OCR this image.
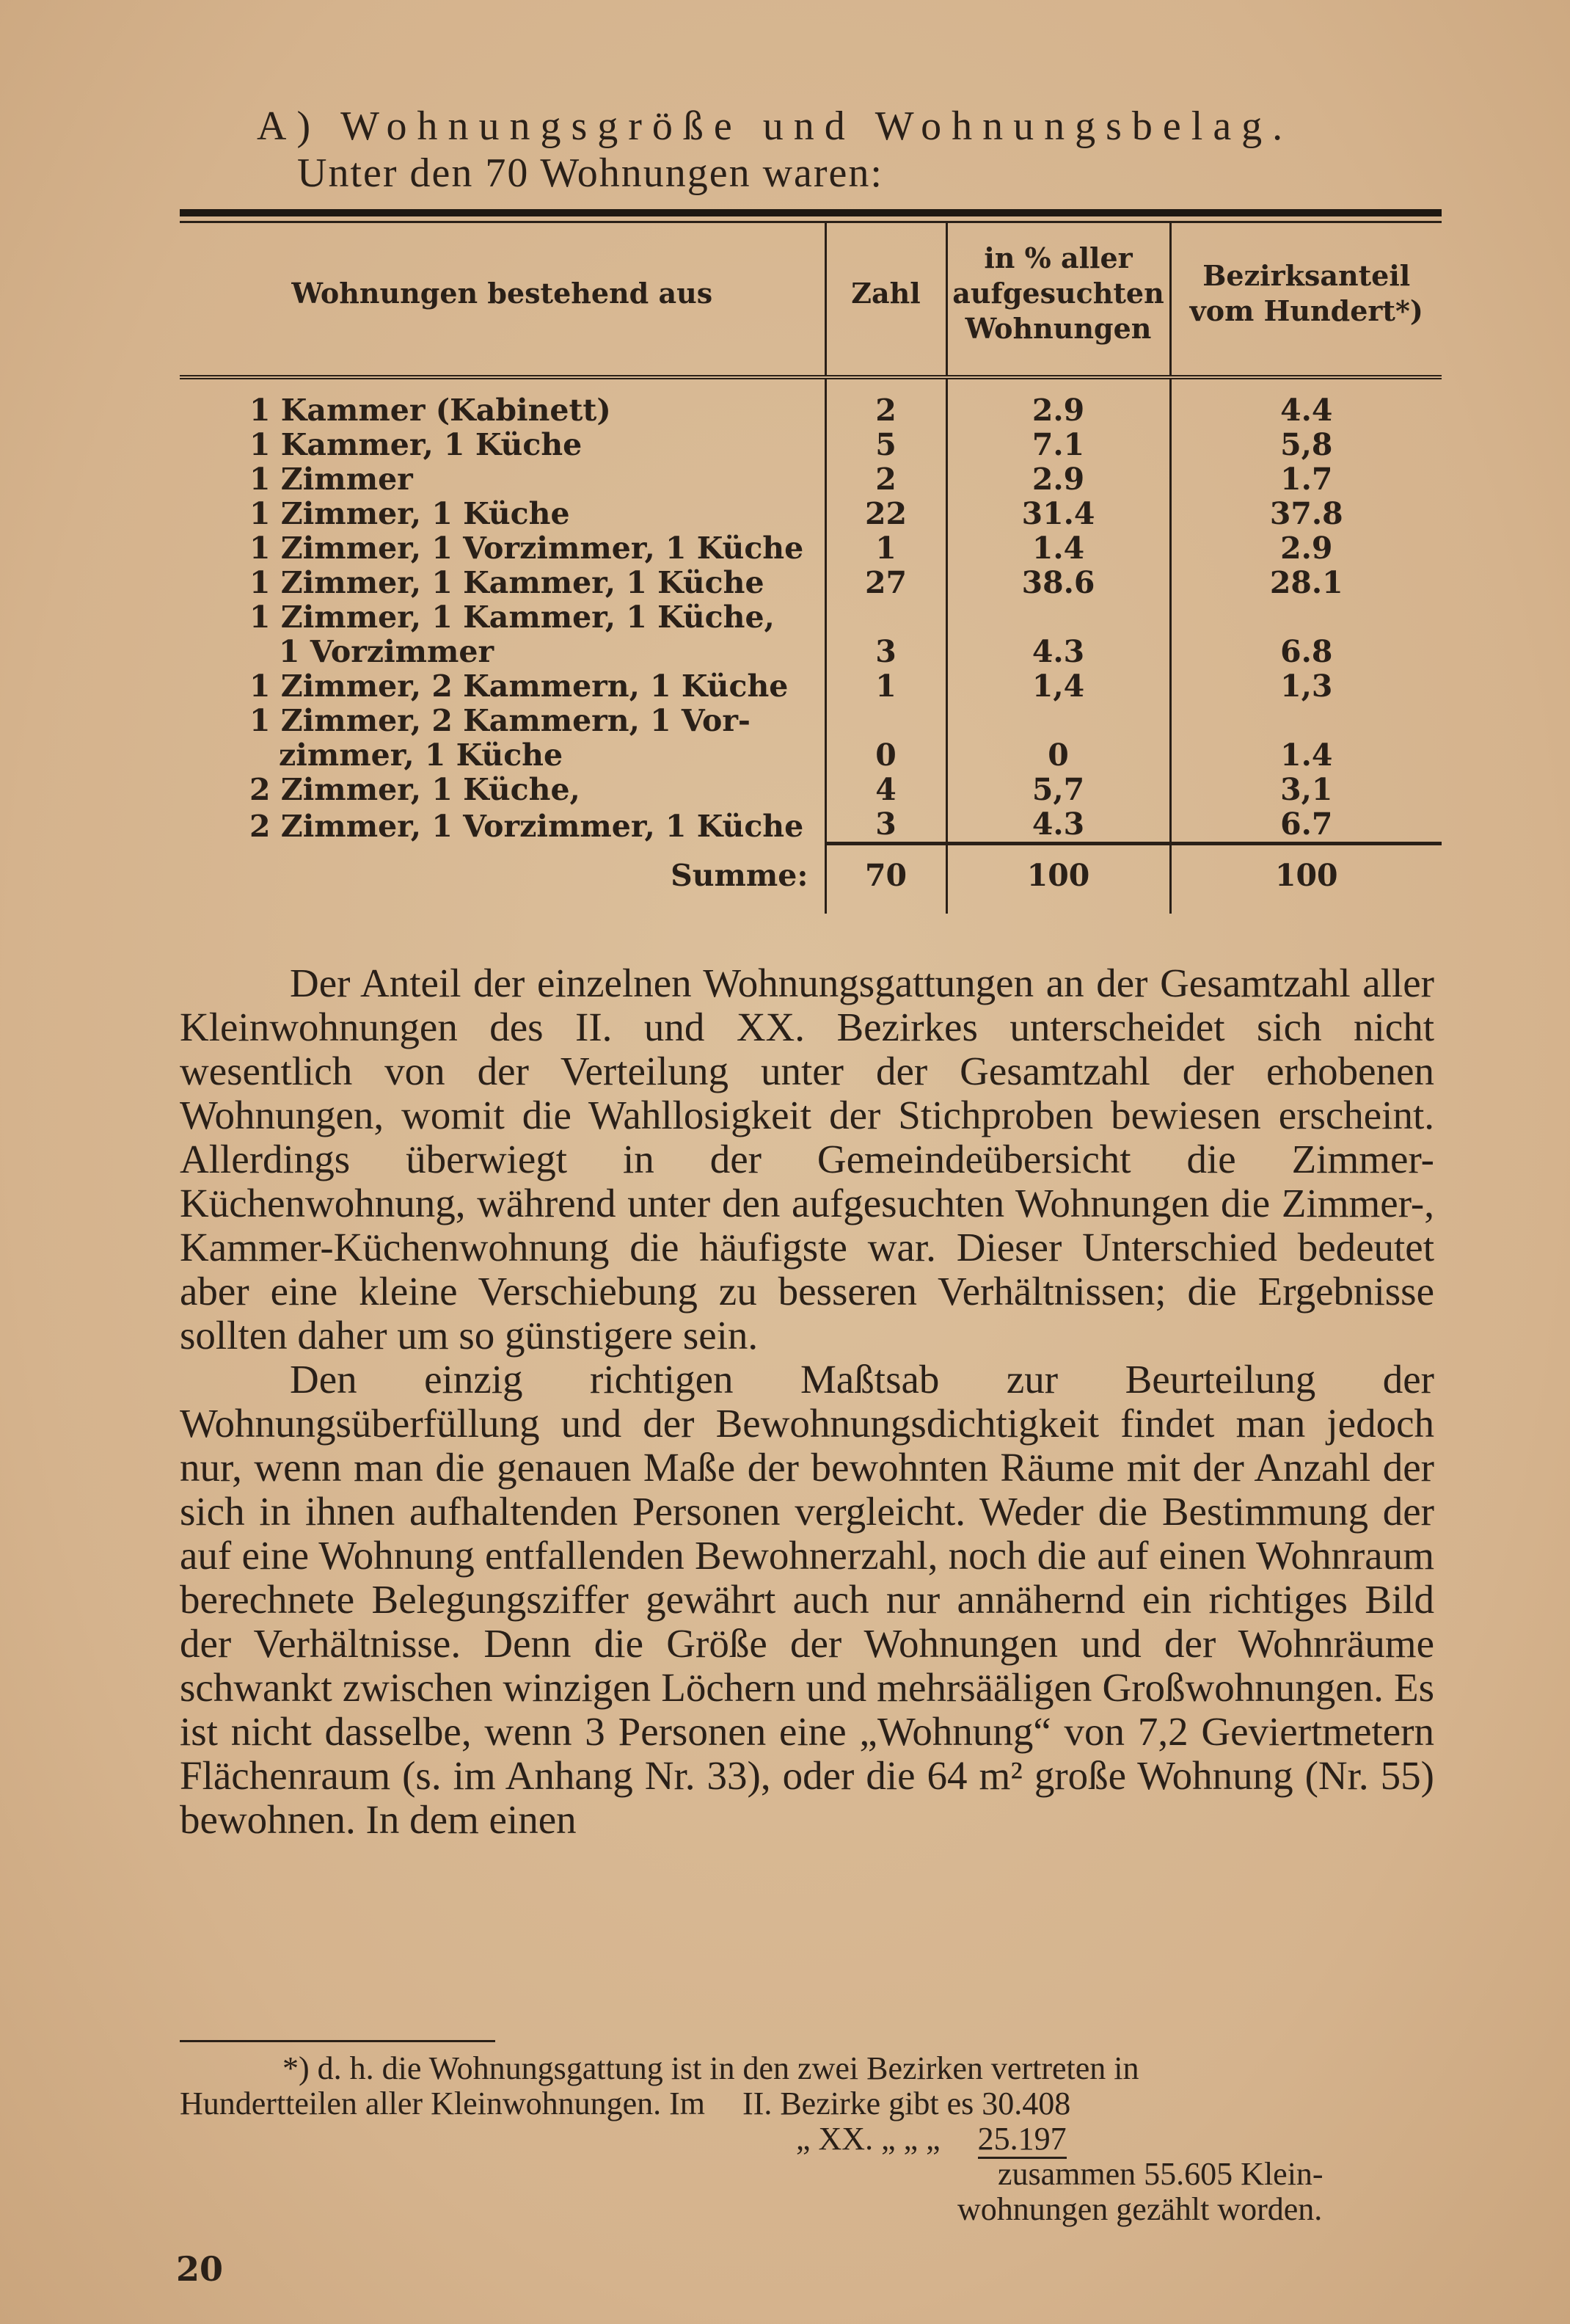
A) Wohnungsgröße und Wohnungsbelag.
Unter den 70 Wohnungen waren:
Wohnungen bestehend aus	Zahl	in % aller aufgesuchten Wohnungen	Bezirksanteil vom Hundert*)

1 Kammer (Kabinett)	2	2.9	4.4
1 Kammer, 1 Küche	5	7.1	5,8
1 Zimmer	2	2.9	1.7
1 Zimmer, 1 Küche	22	31.4	37.8
1 Zimmer, 1 Vorzimmer, 1 Küche	1	1.4	2.9
1 Zimmer, 1 Kammer, 1 Küche	27	38.6	28.1
1 Zimmer, 1 Kammer, 1 Küche,			
1 Vorzimmer	3	4.3	6.8
1 Zimmer, 2 Kammern, 1 Küche	1	1,4	1,3
1 Zimmer, 2 Kammern, 1 Vor-			
zimmer, 1 Küche	0	0	1.4
2 Zimmer, 1 Küche,	4	5,7	3,1
2 Zimmer, 1 Vorzimmer, 1 Küche	3	4.3	6.7
Summe:	70	100	100

Der Anteil der einzelnen Wohnungsgattungen an der Gesamtzahl aller Kleinwohnungen des II. und XX. Bezirkes unterscheidet sich nicht wesentlich von der Verteilung unter der Gesamtzahl der erhobenen Wohnungen, womit die Wahllosigkeit der Stichproben bewiesen erscheint. Allerdings überwiegt in der Gemeindeübersicht die Zimmer-Küchenwohnung, während unter den aufgesuchten Wohnungen die Zimmer-, Kammer-Küchenwohnung die häufigste war. Dieser Unterschied bedeutet aber eine kleine Verschiebung zu besseren Verhältnissen; die Ergebnisse sollten daher um so günstigere sein.

Den einzig richtigen Maßtsab zur Beurteilung der Wohnungsüberfüllung und der Bewohnungsdichtigkeit findet man jedoch nur, wenn man die genauen Maße der bewohnten Räume mit der Anzahl der sich in ihnen aufhaltenden Personen vergleicht. Weder die Bestimmung der auf eine Wohnung entfallenden Bewohnerzahl, noch die auf einen Wohnraum berechnete Belegungsziffer gewährt auch nur annähernd ein richtiges Bild der Verhältnisse. Denn die Größe der Wohnungen und der Wohnräume schwankt zwischen winzigen Löchern und mehrsääligen Großwohnungen. Es ist nicht dasselbe, wenn 3 Personen eine „Wohnung“ von 7,2 Geviertmetern Flächenraum (s. im Anhang Nr. 33), oder die 64 m² große Wohnung (Nr. 55) bewohnen. In dem einen

*) d. h. die Wohnungsgattung ist in den zwei Bezirken vertreten in
Hundertteilen aller Kleinwohnungen. Im II. Bezirke gibt es 30.408
„ XX. „ „ „ 25.197
zusammen 55.605 Klein-
wohnungen gezählt worden.
20
